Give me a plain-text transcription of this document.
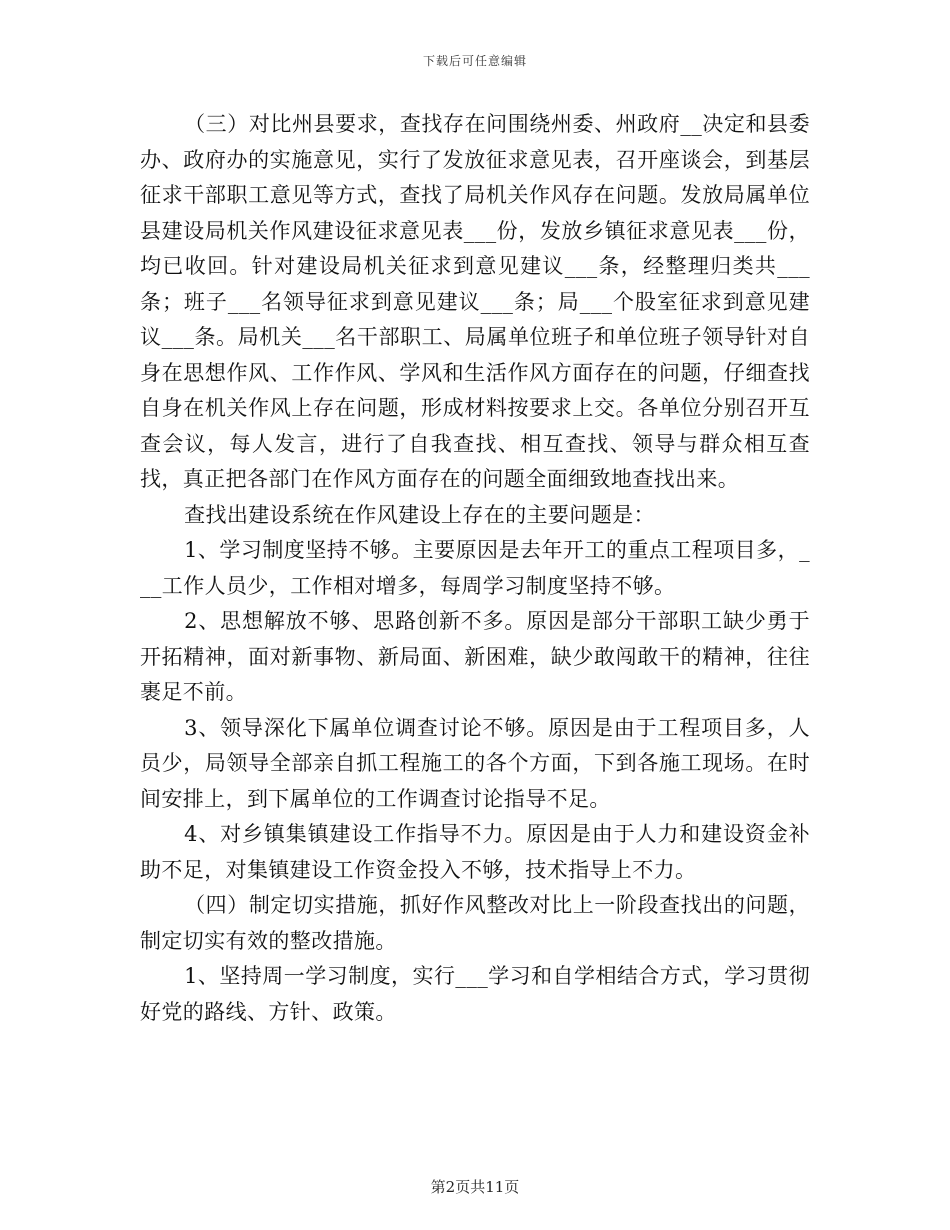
下载后可任意编辑

（三）对比州县要求，查找存在问围绕州委、州政府__决定和县委办、政府办的实施意见，实行了发放征求意见表，召开座谈会，到基层征求干部职工意见等方式，查找了局机关作风存在问题。发放局属单位县建设局机关作风建设征求意见表___份，发放乡镇征求意见表___份，均已收回。针对建设局机关征求到意见建议___条，经整理归类共___条；班子___名领导征求到意见建议___条；局___个股室征求到意见建议___条。局机关___名干部职工、局属单位班子和单位班子领导针对自身在思想作风、工作作风、学风和生活作风方面存在的问题，仔细查找自身在机关作风上存在问题，形成材料按要求上交。各单位分别召开互查会议，每人发言，进行了自我查找、相互查找、领导与群众相互查找，真正把各部门在作风方面存在的问题全面细致地查找出来。

查找出建设系统在作风建设上存在的主要问题是：

1、学习制度坚持不够。主要原因是去年开工的重点工程项目多，___工作人员少，工作相对增多，每周学习制度坚持不够。

2、思想解放不够、思路创新不多。原因是部分干部职工缺少勇于开拓精神，面对新事物、新局面、新困难，缺少敢闯敢干的精神，往往裹足不前。

3、领导深化下属单位调查讨论不够。原因是由于工程项目多，人员少，局领导全部亲自抓工程施工的各个方面，下到各施工现场。在时间安排上，到下属单位的工作调查讨论指导不足。

4、对乡镇集镇建设工作指导不力。原因是由于人力和建设资金补助不足，对集镇建设工作资金投入不够，技术指导上不力。

（四）制定切实措施，抓好作风整改对比上一阶段查找出的问题，制定切实有效的整改措施。

1、坚持周一学习制度，实行___学习和自学相结合方式，学习贯彻好党的路线、方针、政策。

第2页共11页
